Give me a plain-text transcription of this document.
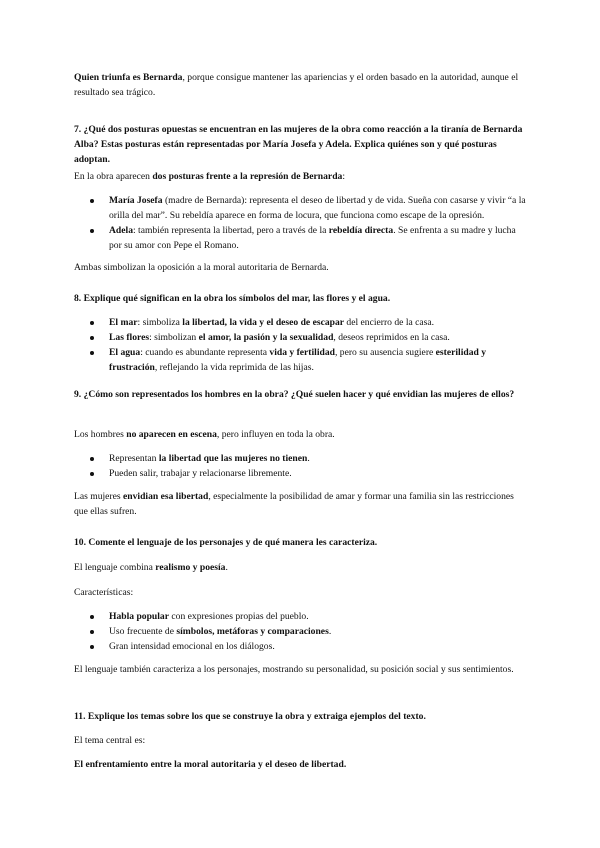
Quien triunfa es Bernarda, porque consigue mantener las apariencias y el orden basado en la autoridad, aunque el resultado sea trágico.

7. ¿Qué dos posturas opuestas se encuentran en las mujeres de la obra como reacción a la tiranía de Bernarda Alba? Estas posturas están representadas por María Josefa y Adela. Explica quiénes son y qué posturas adoptan.

En la obra aparecen dos posturas frente a la represión de Bernarda:

María Josefa (madre de Bernarda): representa el deseo de libertad y de vida. Sueña con casarse y vivir “a la orilla del mar”. Su rebeldía aparece en forma de locura, que funciona como escape de la opresión.
Adela: también representa la libertad, pero a través de la rebeldía directa. Se enfrenta a su madre y lucha por su amor con Pepe el Romano.

Ambas simbolizan la oposición a la moral autoritaria de Bernarda.

8. Explique qué significan en la obra los símbolos del mar, las flores y el agua.

El mar: simboliza la libertad, la vida y el deseo de escapar del encierro de la casa.
Las flores: simbolizan el amor, la pasión y la sexualidad, deseos reprimidos en la casa.
El agua: cuando es abundante representa vida y fertilidad, pero su ausencia sugiere esterilidad y frustración, reflejando la vida reprimida de las hijas.

9. ¿Cómo son representados los hombres en la obra? ¿Qué suelen hacer y qué envidian las mujeres de ellos?

Los hombres no aparecen en escena, pero influyen en toda la obra.

Representan la libertad que las mujeres no tienen.
Pueden salir, trabajar y relacionarse libremente.

Las mujeres envidian esa libertad, especialmente la posibilidad de amar y formar una familia sin las restricciones que ellas sufren.

10. Comente el lenguaje de los personajes y de qué manera les caracteriza.

El lenguaje combina realismo y poesía.

Características:

Habla popular con expresiones propias del pueblo.
Uso frecuente de símbolos, metáforas y comparaciones.
Gran intensidad emocional en los diálogos.

El lenguaje también caracteriza a los personajes, mostrando su personalidad, su posición social y sus sentimientos.

11. Explique los temas sobre los que se construye la obra y extraiga ejemplos del texto.

El tema central es:

El enfrentamiento entre la moral autoritaria y el deseo de libertad.
